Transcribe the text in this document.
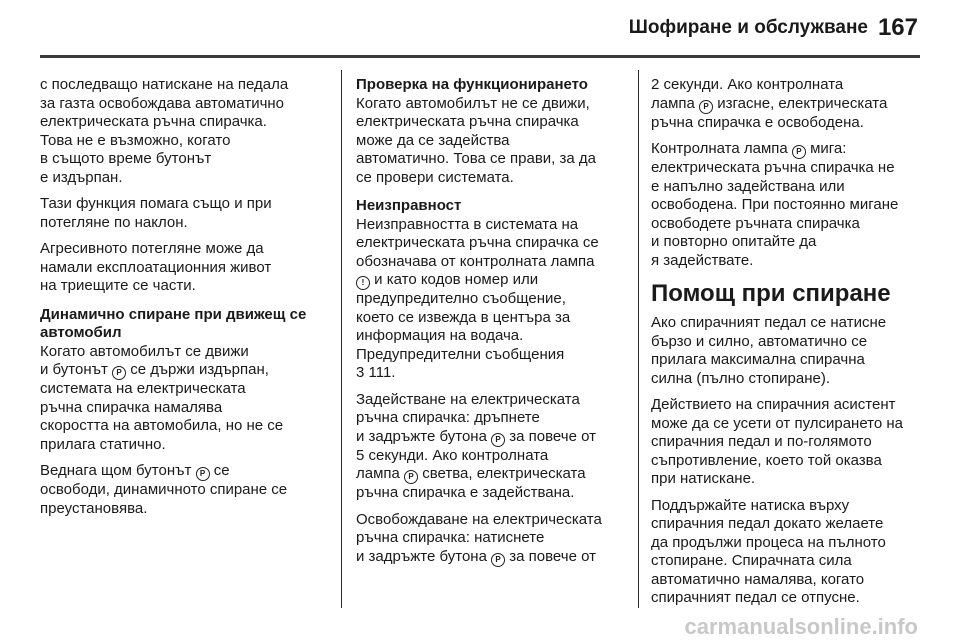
Шофиране и обслужване 167

с последващо натискане на педала
за газта освобождава автоматично
електрическата ръчна спирачка.
Това не е възможно, когато
в същото време бутонът
е издърпан.

Тази функция помага също и при
потегляне по наклон.

Агресивното потегляне може да
намали експлоатационния живот
на триещите се части.

Динамично спиране при движещ се
автомобил

Когато автомобилът се движи
и бутонът P се държи издърпан,
системата на електрическата
ръчна спирачка намалява
скоростта на автомобила, но не се
прилага статично.

Веднага щом бутонът P се
освободи, динамичното спиране се
преустановява.

Проверка на функционирането

Когато автомобилът не се движи,
електрическата ръчна спирачка
може да се задейства
автоматично. Това се прави, за да
се провери системата.

Неизправност

Неизправността в системата на
електрическата ръчна спирачка се
обозначава от контролната лампа
! и като кодов номер или
предупредително съобщение,
което се извежда в центъра за
информация на водача.
Предупредителни съобщения
3 111.

Задействане на електрическата
ръчна спирачка: дръпнете
и задръжте бутона P за повече от
5 секунди. Ако контролната
лампа P светва, електрическата
ръчна спирачка е задействана.

Освобождаване на електрическата
ръчна спирачка: натиснете
и задръжте бутона P за повече от

2 секунди. Ако контролната
лампа P изгасне, електрическата
ръчна спирачка е освободена.

Контролната лампа P мига:
електрическата ръчна спирачка не
е напълно задействана или
освободена. При постоянно мигане
освободете ръчната спирачка
и повторно опитайте да
я задействате.

Помощ при спиране

Ако спирачният педал се натисне
бързо и силно, автоматично се
прилага максимална спирачна
силна (пълно стопиране).

Действието на спирачния асистент
може да се усети от пулсирането на
спирачния педал и по-голямото
съпротивление, което той оказва
при натискане.

Поддържайте натиска върху
спирачния педал докато желаете
да продължи процеса на пълното
стопиране. Спирачната сила
автоматично намалява, когато
спирачният педал се отпусне.

carmanualsonline.info
